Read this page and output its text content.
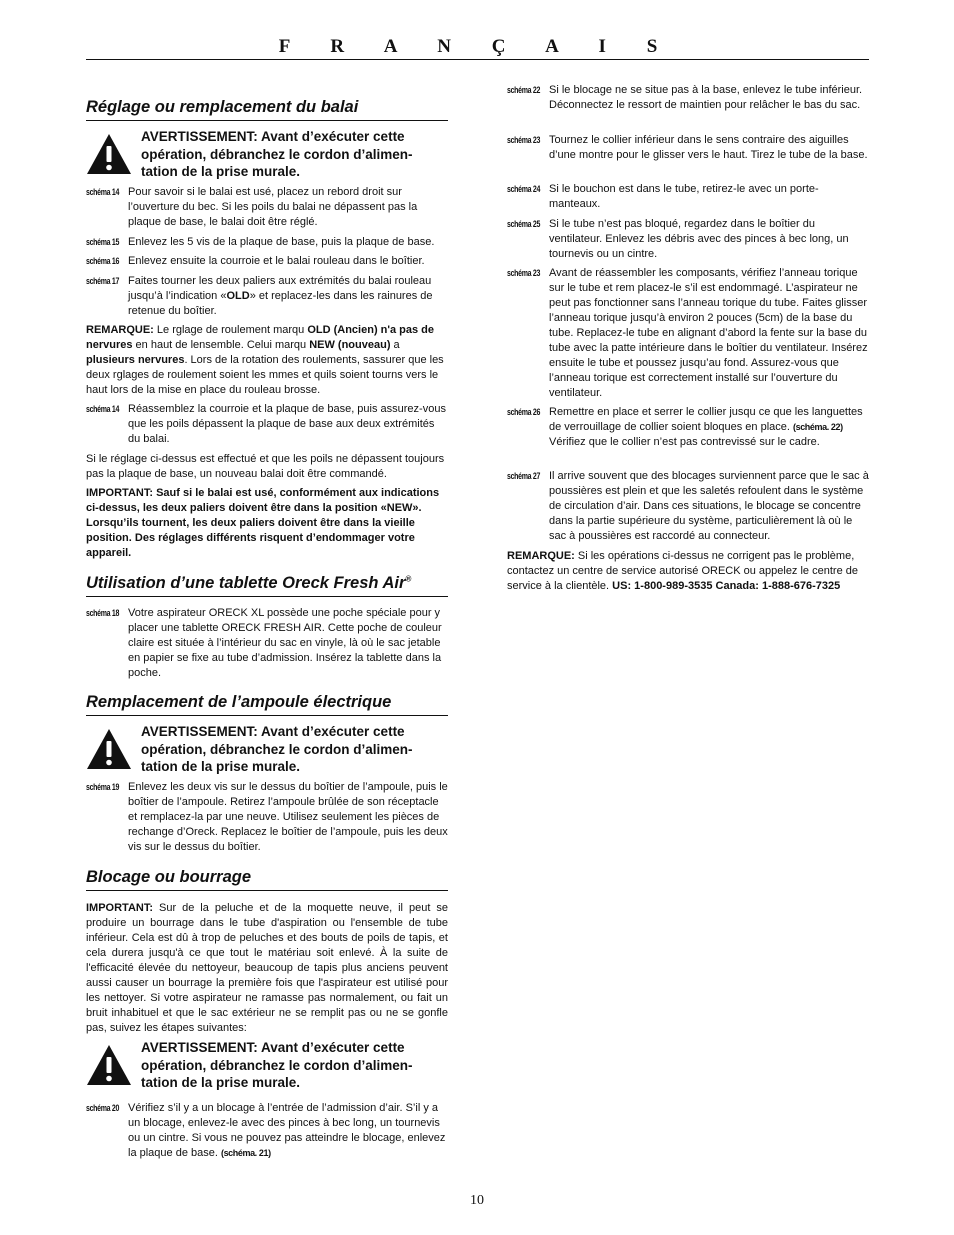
F R A N Ç A I S
Réglage ou remplacement du balai
AVERTISSEMENT: Avant d’exécuter cette opération, débranchez le cordon d’alimen-tation de la prise murale.
schéma 14 Pour savoir si le balai est usé, placez un rebord droit sur l’ouverture du bec. Si les poils du balai ne dépassent pas la plaque de base, le balai doit être réglé.
schéma 15 Enlevez les 5 vis de la plaque de base, puis la plaque de base.
schéma 16 Enlevez ensuite la courroie et le balai rouleau dans le boîtier.
schéma 17 Faites tourner les deux paliers aux extrémités du balai rouleau jusqu’à l’indication «OLD» et replacez-les dans les rainures de retenue du boîtier.
REMARQUE: Le rglage de roulement marqu OLD (Ancien) n'a pas de nervures en haut de lensemble. Celui marqu NEW (nouveau) a plusieurs nervures. Lors de la rotation des roulements, sassurer que les deux rglages de roulement soient les mmes et quils soient tourns vers le haut lors de la mise en place du rouleau brosse.
schéma 14 Réassemblez la courroie et la plaque de base, puis assurez-vous que les poils dépassent la plaque de base aux deux extrémités du balai.
Si le réglage ci-dessus est effectué et que les poils ne dépassent toujours pas la plaque de base, un nouveau balai doit être commandé.
IMPORTANT: Sauf si le balai est usé, conformément aux indications ci-dessus, les deux paliers doivent être dans la position «NEW». Lorsqu’ils tournent, les deux paliers doivent être dans la vieille position. Des réglages différents risquent d’endommager votre appareil.
Utilisation d’une tablette Oreck Fresh Air®
schéma 18 Votre aspirateur ORECK XL possède une poche spéciale pour y placer une tablette ORECK FRESH AIR. Cette poche de couleur claire est située à l’intérieur du sac en vinyle, là où le sac jetable en papier se fixe au tube d’admission. Insérez la tablette dans la poche.
Remplacement de l’ampoule électrique
AVERTISSEMENT: Avant d’exécuter cette opération, débranchez le cordon d’alimen-tation de la prise murale.
schéma 19 Enlevez les deux vis sur le dessus du boîtier de l’ampoule, puis le boîtier de l’ampoule. Retirez l’ampoule brûlée de son réceptacle et remplacez-la par une neuve. Utilisez seulement les pièces de rechange d’Oreck. Replacez le boîtier de l’ampoule, puis les deux vis sur le dessus du boîtier.
Blocage ou bourrage
IMPORTANT: Sur de la peluche et de la moquette neuve, il peut se produire un bourrage dans le tube d'aspiration ou l'ensemble de tube inférieur. Cela est dû à trop de peluches et des bouts de poils de tapis, et cela durera jusqu'à ce que tout le matériau soit enlevé. À la suite de l'efficacité élevée du nettoyeur, beaucoup de tapis plus anciens peuvent aussi causer un bourrage la première fois que l'aspirateur est utilisé pour les nettoyer. Si votre aspirateur ne ramasse pas normalement, ou fait un bruit inhabituel et que le sac extérieur ne se remplit pas ou ne se gonfle pas, suivez les étapes suivantes:
AVERTISSEMENT: Avant d’exécuter cette opération, débranchez le cordon d’alimen-tation de la prise murale.
schéma 20 Vérifiez s’il y a un blocage à l’entrée de l’admission d’air. S’il y a un blocage, enlevez-le avec des pinces à bec long, un tournevis ou un cintre. Si vous ne pouvez pas atteindre le blocage, enlevez la plaque de base. (schéma. 21)
schéma 22 Si le blocage ne se situe pas à la base, enlevez le tube inférieur. Déconnectez le ressort de maintien pour relâcher le bas du sac.
schéma 23 Tournez le collier inférieur dans le sens contraire des aiguilles d’une montre pour le glisser vers le haut. Tirez le tube de la base.
schéma 24 Si le bouchon est dans le tube, retirez-le avec un porte-manteaux.
schéma 25 Si le tube n’est pas bloqué, regardez dans le boîtier du ventilateur. Enlevez les débris avec des pinces à bec long, un tournevis ou un cintre.
schéma 23 Avant de réassembler les composants, vérifiez l’anneau torique sur le tube et rem placez-le s’il est endommagé. L’aspirateur ne peut pas fonctionner sans l’anneau torique du tube. Faites glisser l’anneau torique jusqu’à environ 2 pouces (5cm) de la base du tube. Replacez-le tube en alignant d’abord la fente sur la base du tube avec la patte intérieure dans le boîtier du ventilateur. Insérez ensuite le tube et poussez jusqu’au fond. Assurez-vous que l’anneau torique est correctement installé sur l’ouverture du ventilateur.
schéma 26 Remettre en place et serrer le collier jusqu ce que les languettes de verrouillage de collier soient bloques en place. (schéma. 22) Vérifiez que le collier n’est pas contrevissé sur le cadre.
schéma 27 Il arrive souvent que des blocages surviennent parce que le sac à poussières est plein et que les saletés refoulent dans le système de circulation d’air. Dans ces situations, le blocage se concentre dans la partie supérieure du système, particulièrement là où le sac à poussières est raccordé au connecteur.
REMARQUE: Si les opérations ci-dessus ne corrigent pas le problème, contactez un centre de service autorisé ORECK ou appelez le centre de service à la clientèle. US: 1-800-989-3535 Canada: 1-888-676-7325
10
